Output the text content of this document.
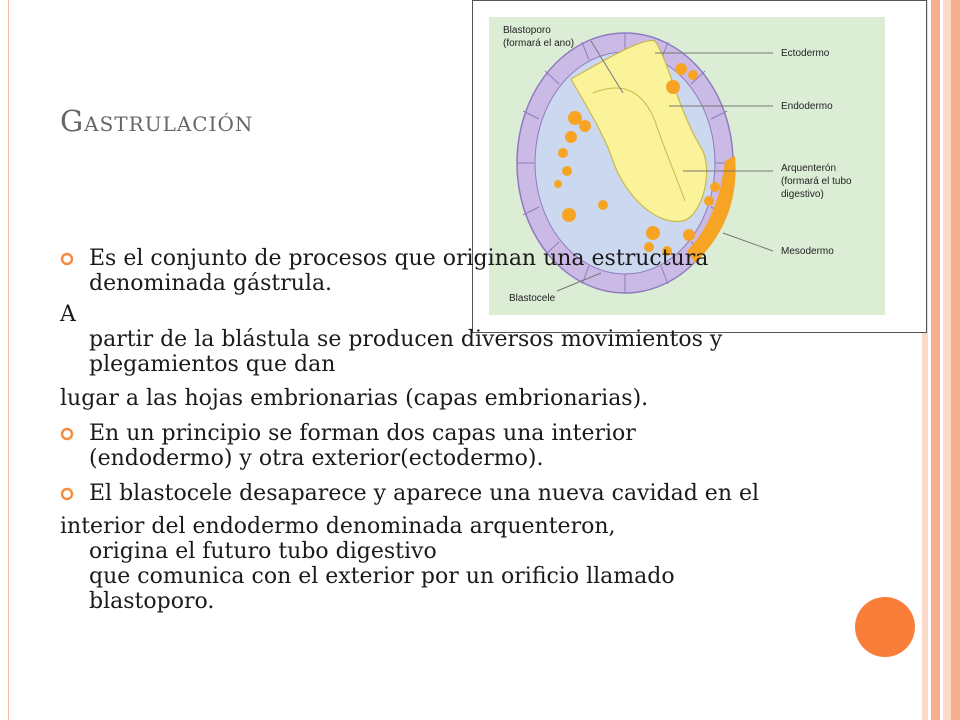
Gastrulación
Blastoporo
(formará el ano)
Ectodermo
Endodermo
Arquenterón
(formará el tubo
digestivo)
Mesodermo
Blastocele
Es el conjunto de procesos que originan una estructura
denominada gástrula.
A
partir de la blástula se producen diversos movimientos y
plegamientos que dan
lugar a las hojas embrionarias (capas embrionarias).
En un principio se forman dos capas una interior
(endodermo) y otra exterior(ectodermo).
El blastocele desaparece y aparece una nueva cavidad en el
interior del endodermo denominada arquenteron,
origina el futuro tubo digestivo
que comunica con el exterior por un orificio llamado
blastoporo.
